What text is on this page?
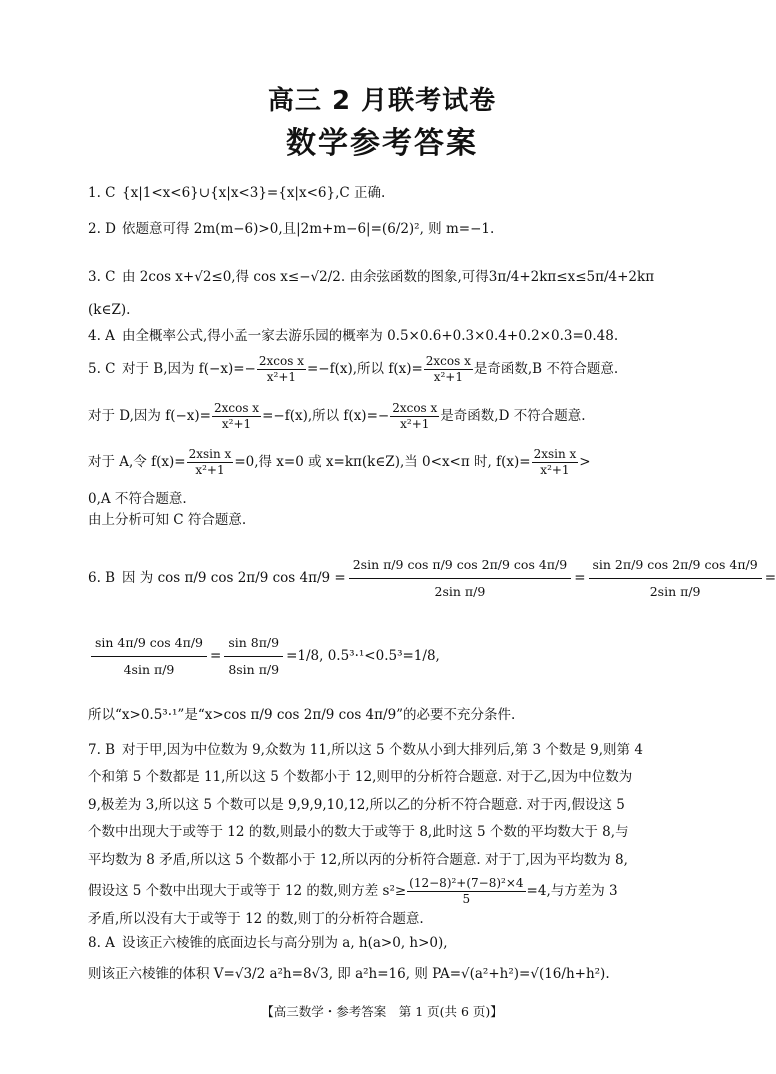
高三 2 月联考试卷
数学参考答案
1. C {x|1<x<6}∪{x|x<3}={x|x<6},C 正确.
2. D 依题意可得 2m(m−6)>0,且|2m+m−6|=(6/2)², 则 m=−1.
3. C 由 2cos x+√2≤0,得 cos x≤−√2/2. 由余弦函数的图象,可得3π/4+2kπ≤x≤5π/4+2kπ
(k∈Z).
4. A 由全概率公式,得小孟一家去游乐园的概率为 0.5×0.6+0.3×0.4+0.2×0.3=0.48.
5. C 对于 B,因为 $f(-x)=- \frac{\text{2xcos x}}{\text{x²+1}} =-f(x)$,所以 $f(x)= \frac{\text{2xcos x}}{\text{x²+1}}$ 是奇函数,B 不符合题意.
对于 D,因为 $f(-x)= \frac{\text{2xcos x}}{\text{x²+1}} =-f(x)$,所以 $f(x)=- \frac{\text{2xcos x}}{\text{x²+1}}$ 是奇函数,D 不符合题意.
对于 A,令 $f(x)= \frac{\text{2xsin x}}{\text{x²+1}} =0$,得 x=0 或 x=kπ(k∈Z),当 0<x<π 时, $f(x)= \frac{\text{2xsin x}}{\text{x²+1}}$ >
0,A 不符合题意.
由上分析可知 C 符合题意.
6. B 因 为 cos π/9 cos 2π/9 $\cos 4\pi/9 = \frac{\text{2sin π/9 cos π/9 cos 2π/9 cos 4π/9}}{\text{2sin π/9}} = \frac{\sin 2\pi/9 \cos 2\pi/9 \cos 4\pi/9}{\text{2sin π/9}}$ =
$\frac{\sin 4\pi/9 \cos 4\pi/9}{\text{4sin π/9}} = \frac{\sin 8\pi/9}{\text{8sin π/9}} =1/8$, 0.5³·¹<0.5³=1/8,
所以“x>0.5³·¹”是“x>cos π/9 cos 2π/9 cos 4π/9”的必要不充分条件.
7. B 对于甲,因为中位数为 9,众数为 11,所以这 5 个数从小到大排列后,第 3 个数是 9,则第 4
个和第 5 个数都是 11,所以这 5 个数都小于 12,则甲的分析符合题意. 对于乙,因为中位数为
9,极差为 3,所以这 5 个数可以是 9,9,9,10,12,所以乙的分析不符合题意. 对于丙,假设这 5
个数中出现大于或等于 12 的数,则最小的数大于或等于 8,此时这 5 个数的平均数大于 8,与
平均数为 8 矛盾,所以这 5 个数都小于 12,所以丙的分析符合题意. 对于丁,因为平均数为 8,
假设这 5 个数中出现大于或等于 12 的数,则方差 $s^2\ge \frac{\text{(12−8)²+(7−8)²×4}}{5} =4$,与方差为 3
矛盾,所以没有大于或等于 12 的数,则丁的分析符合题意.
8. A 设该正六棱锥的底面边长与高分别为 a, h(a>0, h>0),
则该正六棱锥的体积 V=√3/2 a²h=8√3, 即 a²h=16, 则 PA=√(a²+h²)=√(16/h+h²).
【高三数学・参考答案　第 1 页(共 6 页)】
